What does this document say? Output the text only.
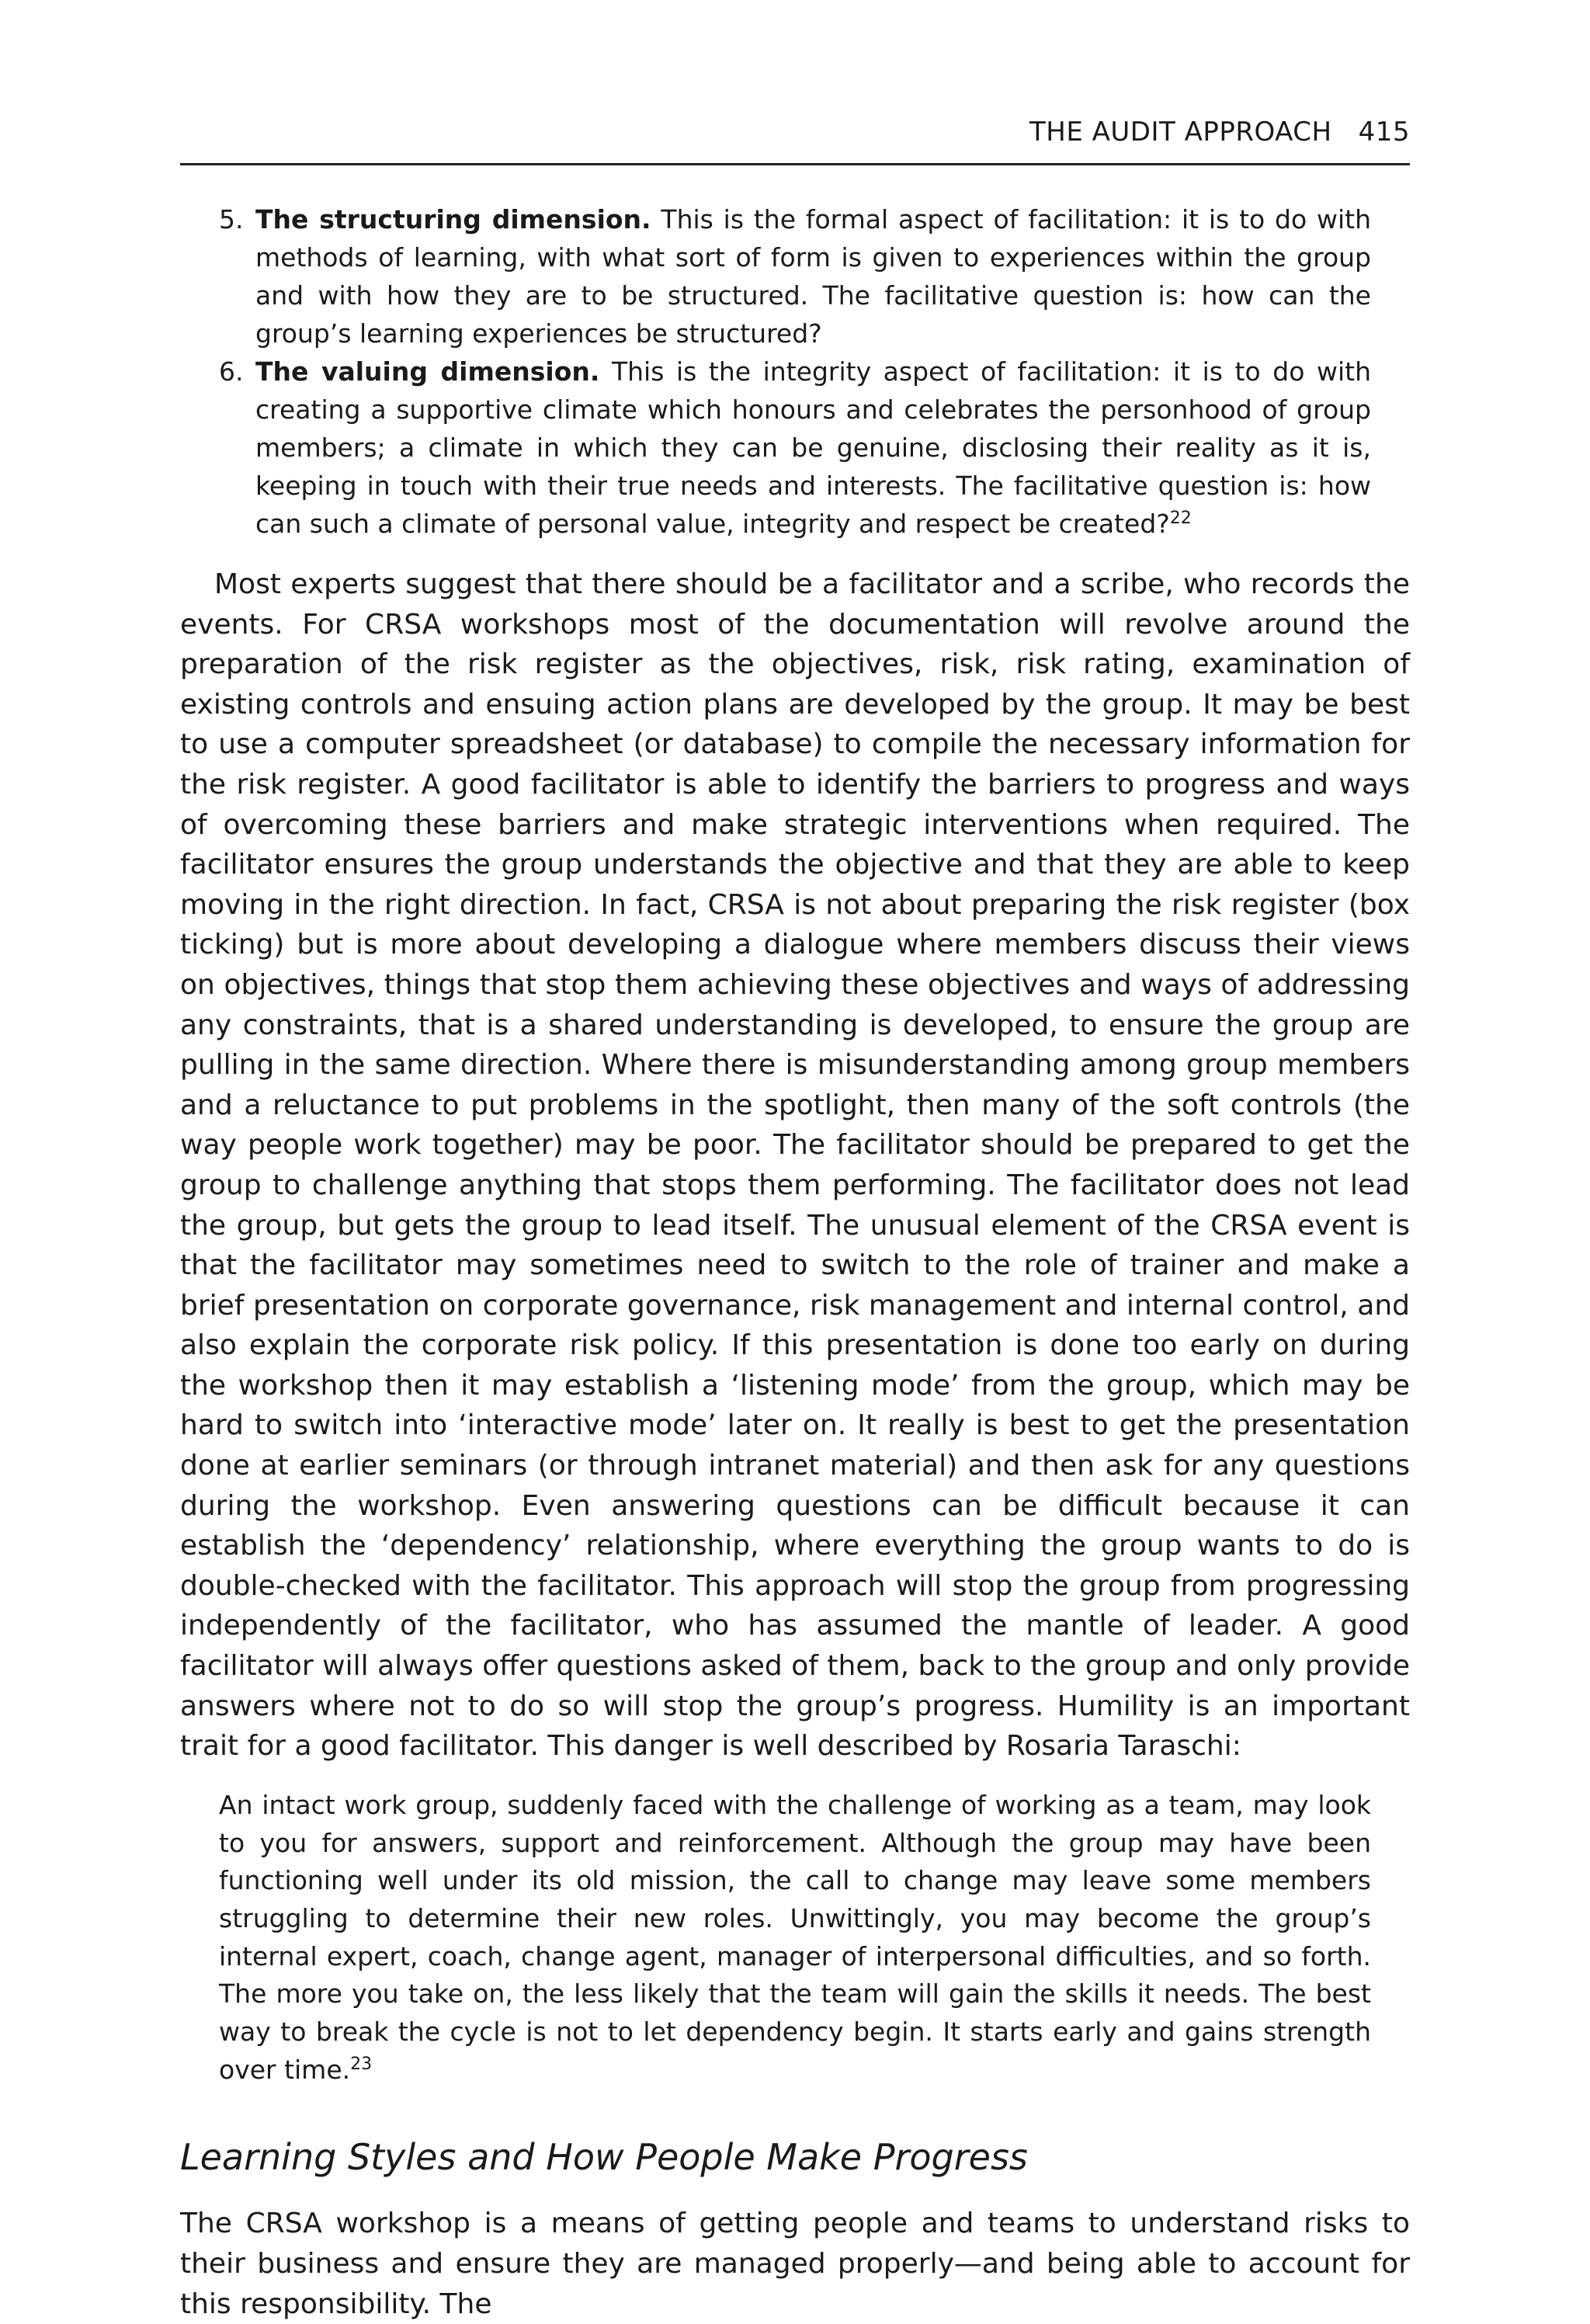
THE AUDIT APPROACH 415
5. The structuring dimension. This is the formal aspect of facilitation: it is to do with methods of learning, with what sort of form is given to experiences within the group and with how they are to be structured. The facilitative question is: how can the group’s learning experiences be structured?
6. The valuing dimension. This is the integrity aspect of facilitation: it is to do with creating a supportive climate which honours and celebrates the personhood of group members; a climate in which they can be genuine, disclosing their reality as it is, keeping in touch with their true needs and interests. The facilitative question is: how can such a climate of personal value, integrity and respect be created?$^{22}$

Most experts suggest that there should be a facilitator and a scribe, who records the events. For CRSA workshops most of the documentation will revolve around the preparation of the risk register as the objectives, risk, risk rating, examination of existing controls and ensuing action plans are developed by the group. It may be best to use a computer spreadsheet (or database) to compile the necessary information for the risk register. A good facilitator is able to identify the barriers to progress and ways of overcoming these barriers and make strategic interventions when required. The facilitator ensures the group understands the objective and that they are able to keep moving in the right direction. In fact, CRSA is not about preparing the risk register (box ticking) but is more about developing a dialogue where members discuss their views on objectives, things that stop them achieving these objectives and ways of addressing any constraints, that is a shared understanding is developed, to ensure the group are pulling in the same direction. Where there is misunderstanding among group members and a reluctance to put problems in the spotlight, then many of the soft controls (the way people work together) may be poor. The facilitator should be prepared to get the group to challenge anything that stops them performing. The facilitator does not lead the group, but gets the group to lead itself. The unusual element of the CRSA event is that the facilitator may sometimes need to switch to the role of trainer and make a brief presentation on corporate governance, risk management and internal control, and also explain the corporate risk policy. If this presentation is done too early on during the workshop then it may establish a ‘listening mode’ from the group, which may be hard to switch into ‘interactive mode’ later on. It really is best to get the presentation done at earlier seminars (or through intranet material) and then ask for any questions during the workshop. Even answering questions can be difficult because it can establish the ‘dependency’ relationship, where everything the group wants to do is double-checked with the facilitator. This approach will stop the group from progressing independently of the facilitator, who has assumed the mantle of leader. A good facilitator will always offer questions asked of them, back to the group and only provide answers where not to do so will stop the group’s progress. Humility is an important trait for a good facilitator. This danger is well described by Rosaria Taraschi:

An intact work group, suddenly faced with the challenge of working as a team, may look to you for answers, support and reinforcement. Although the group may have been functioning well under its old mission, the call to change may leave some members struggling to determine their new roles. Unwittingly, you may become the group’s internal expert, coach, change agent, manager of interpersonal difficulties, and so forth. The more you take on, the less likely that the team will gain the skills it needs. The best way to break the cycle is not to let dependency begin. It starts early and gains strength over time.$^{23}$

Learning Styles and How People Make Progress

The CRSA workshop is a means of getting people and teams to understand risks to their business and ensure they are managed properly—and being able to account for this responsibility. The
